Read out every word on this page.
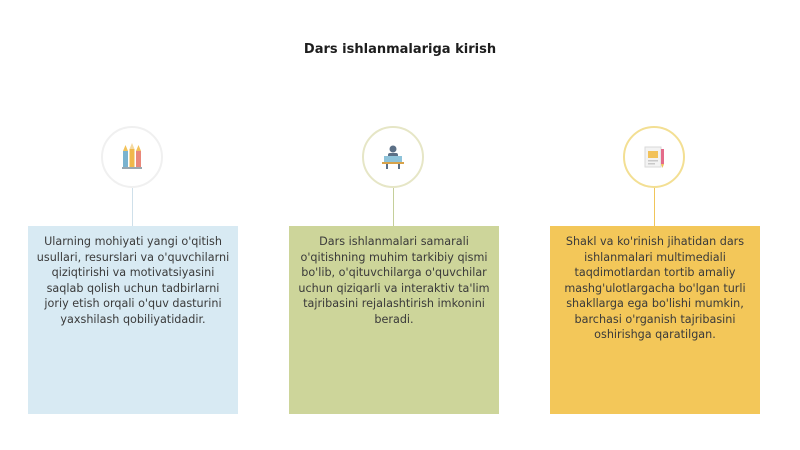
Dars ishlanmalariga kirish
Ularning mohiyati yangi o'qitish usullari, resurslari va o'quvchilarni qiziqtirishi va motivatsiyasini saqlab qolish uchun tadbirlarni joriy etish orqali o'quv dasturini yaxshilash qobiliyatidadir.
Dars ishlanmalari samarali o'qitishning muhim tarkibiy qismi bo'lib, o'qituvchilarga o'quvchilar uchun qiziqarli va interaktiv ta'lim tajribasini rejalashtirish imkonini beradi.
Shakl va ko'rinish jihatidan dars ishlanmalari multimediali taqdimotlardan tortib amaliy mashg'ulotlargacha bo'lgan turli shakllarga ega bo'lishi mumkin, barchasi o'rganish tajribasini oshirishga qaratilgan.
